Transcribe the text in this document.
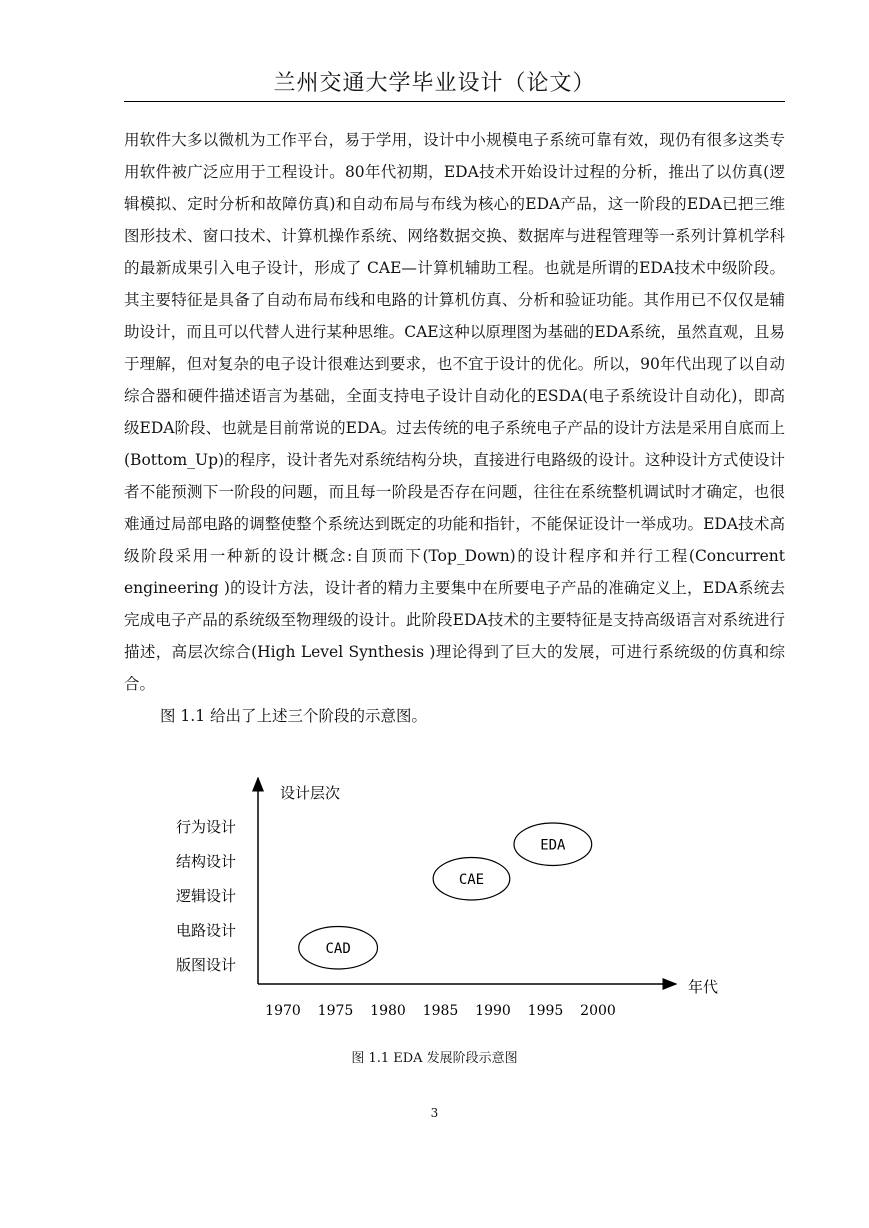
兰州交通大学毕业设计（论文）

用软件大多以微机为工作平台，易于学用，设计中小规模电子系统可靠有效，现仍有很多这类专用软件被广泛应用于工程设计。80年代初期，EDA技术开始设计过程的分析，推出了以仿真(逻辑模拟、定时分析和故障仿真)和自动布局与布线为核心的EDA产品，这一阶段的EDA已把三维图形技术、窗口技术、计算机操作系统、网络数据交换、数据库与进程管理等一系列计算机学科的最新成果引入电子设计，形成了 CAE—计算机辅助工程。也就是所谓的EDA技术中级阶段。其主要特征是具备了自动布局布线和电路的计算机仿真、分析和验证功能。其作用已不仅仅是辅助设计，而且可以代替人进行某种思维。CAE这种以原理图为基础的EDA系统，虽然直观，且易于理解，但对复杂的电子设计很难达到要求，也不宜于设计的优化。所以，90年代出现了以自动综合器和硬件描述语言为基础，全面支持电子设计自动化的ESDA(电子系统设计自动化)，即高级EDA阶段、也就是目前常说的EDA。过去传统的电子系统电子产品的设计方法是采用自底而上(Bottom_Up)的程序，设计者先对系统结构分块，直接进行电路级的设计。这种设计方式使设计者不能预测下一阶段的问题，而且每一阶段是否存在问题，往往在系统整机调试时才确定，也很难通过局部电路的调整使整个系统达到既定的功能和指针，不能保证设计一举成功。EDA技术高级阶段采用一种新的设计概念:自顶而下(Top_Down)的设计程序和并行工程(Concurrent engineering )的设计方法，设计者的精力主要集中在所要电子产品的准确定义上，EDA系统去完成电子产品的系统级至物理级的设计。此阶段EDA技术的主要特征是支持高级语言对系统进行描述，高层次综合(High Level Synthesis )理论得到了巨大的发展，可进行系统级的仿真和综合。

图 1.1 给出了上述三个阶段的示意图。

设计层次
年代
行为设计
结构设计
逻辑设计
电路设计
版图设计
1970 1975 1980 1985 1990 1995 2000
CAD
CAE
EDA
图 1.1 EDA 发展阶段示意图
3
